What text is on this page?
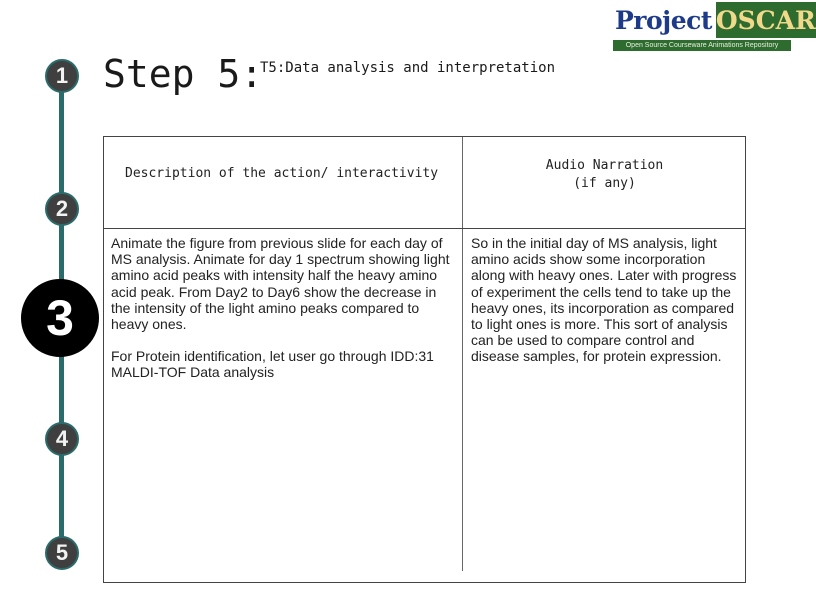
1
2
3
4
5
Step 5:
T5:Data analysis and interpretation
Project OSCAR
Open Source Courseware Animations Repository
Description of the action/ interactivity
Audio Narration
(if any)

Animate the figure from previous slide for each day of MS analysis. Animate for day 1 spectrum showing light amino acid peaks with intensity half the heavy amino acid peak. From Day2 to Day6 show the decrease in the intensity of the light amino peaks compared to heavy ones.

For Protein identification, let user go through IDD:31 MALDI-TOF Data analysis

So in the initial day of MS analysis, light amino acids show some incorporation along with heavy ones. Later with progress of experiment the cells tend to take up the heavy ones, its incorporation as compared to light ones is more. This sort of analysis can be used to compare control and disease samples, for protein expression.
